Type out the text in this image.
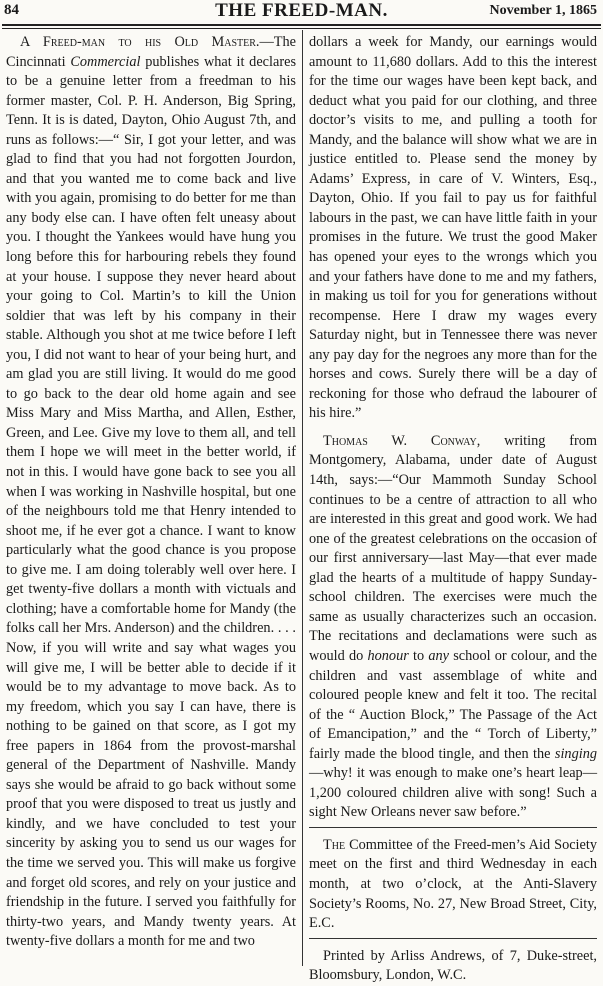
84	THE FREED-MAN.	November 1, 1865

A Freed-man to his Old Master.—The Cincinnati Commercial publishes what it declares to be a genuine letter from a freedman to his former master, Col. P. H. Anderson, Big Spring, Tenn. It is is dated, Dayton, Ohio August 7th, and runs as follows:—“ Sir, I got your letter, and was glad to find that you had not forgotten Jourdon, and that you wanted me to come back and live with you again, promising to do better for me than any body else can. I have often felt uneasy about you. I thought the Yankees would have hung you long before this for harbouring rebels they found at your house. I suppose they never heard about your going to Col. Martin’s to kill the Union soldier that was left by his company in their stable. Although you shot at me twice before I left you, I did not want to hear of your being hurt, and am glad you are still living. It would do me good to go back to the dear old home again and see Miss Mary and Miss Martha, and Allen, Esther, Green, and Lee. Give my love to them all, and tell them I hope we will meet in the better world, if not in this. I would have gone back to see you all when I was working in Nashville hospital, but one of the neighbours told me that Henry intended to shoot me, if he ever got a chance. I want to know particularly what the good chance is you propose to give me. I am doing tolerably well over here. I get twenty-five dollars a month with victuals and clothing; have a comfortable home for Mandy (the folks call her Mrs. Anderson) and the children. . . . Now, if you will write and say what wages you will give me, I will be better able to decide if it would be to my advantage to move back. As to my freedom, which you say I can have, there is nothing to be gained on that score, as I got my free papers in 1864 from the provost-marshal general of the Department of Nashville. Mandy says she would be afraid to go back without some proof that you were disposed to treat us justly and kindly, and we have concluded to test your sincerity by asking you to send us our wages for the time we served you. This will make us forgive and forget old scores, and rely on your justice and friendship in the future. I served you faithfully for thirty-two years, and Mandy twenty years. At twenty-five dollars a month for me and two

dollars a week for Mandy, our earnings would amount to 11,680 dollars. Add to this the interest for the time our wages have been kept back, and deduct what you paid for our clothing, and three doctor’s visits to me, and pulling a tooth for Mandy, and the balance will show what we are in justice entitled to. Please send the money by Adams’ Express, in care of V. Winters, Esq., Dayton, Ohio. If you fail to pay us for faithful labours in the past, we can have little faith in your promises in the future. We trust the good Maker has opened your eyes to the wrongs which you and your fathers have done to me and my fathers, in making us toil for you for generations without recompense. Here I draw my wages every Saturday night, but in Tennessee there was never any pay day for the negroes any more than for the horses and cows. Surely there will be a day of reckoning for those who defraud the labourer of his hire.”

Thomas W. Conway, writing from Montgomery, Alabama, under date of August 14th, says:—“Our Mammoth Sunday School continues to be a centre of attraction to all who are interested in this great and good work. We had one of the greatest celebrations on the occasion of our first anniversary—last May—that ever made glad the hearts of a multitude of happy Sunday-school children. The exercises were much the same as usually characterizes such an occasion. The recitations and declamations were such as would do honour to any school or colour, and the children and vast assemblage of white and coloured people knew and felt it too. The recital of the “ Auction Block,” The Passage of the Act of Emancipation,” and the “ Torch of Liberty,” fairly made the blood tingle, and then the singing—why! it was enough to make one’s heart leap—1,200 coloured children alive with song! Such a sight New Orleans never saw before.”

The Committee of the Freed-men’s Aid Society meet on the first and third Wednesday in each month, at two o’clock, at the Anti-Slavery Society’s Rooms, No. 27, New Broad Street, City, E.C.

Printed by Arliss Andrews, of 7, Duke-street, Bloomsbury, London, W.C.
